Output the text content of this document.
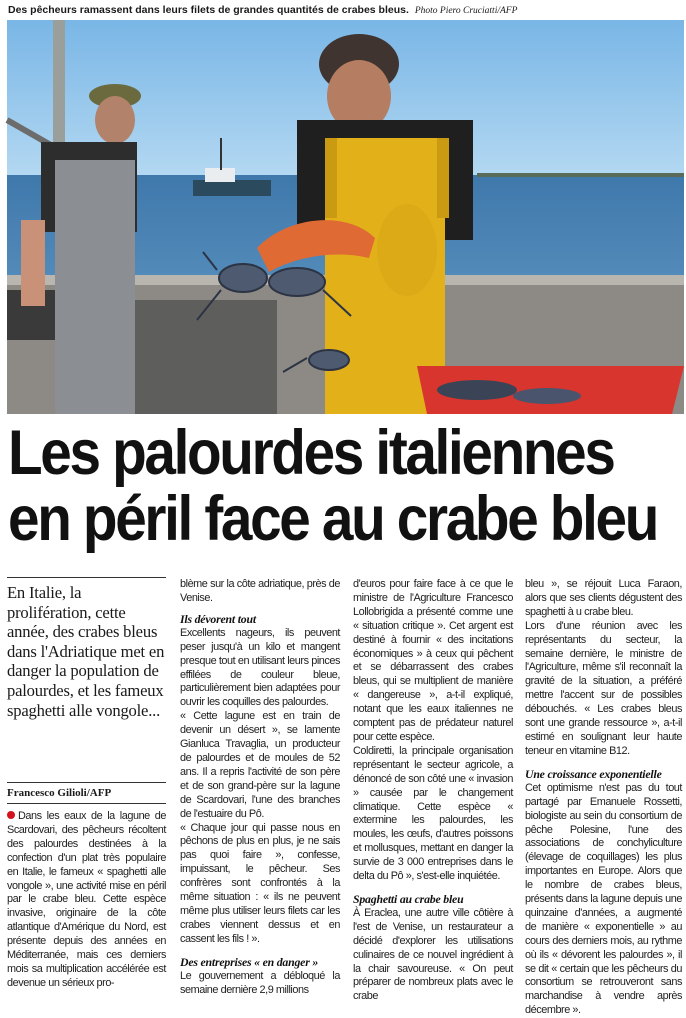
Des pêcheurs ramassent dans leurs filets de grandes quantités de crabes bleus. Photo Piero Cruciatti/AFP
Les palourdes italiennes
en péril face au crabe bleu
En Italie, la prolifération, cette année, des crabes bleus dans l'Adriatique met en danger la population de palourdes, et les fameux spaghetti alle vongole...
Francesco Gilioli/AFP

Dans les eaux de la lagune de Scardovari, des pêcheurs récoltent des palourdes destinées à la confection d'un plat très populaire en Italie, le fameux « spaghetti alle vongole », une activité mise en péril par le crabe bleu. Cette espèce invasive, originaire de la côte atlantique d'Amérique du Nord, est présente depuis des années en Méditerranée, mais ces derniers mois sa multiplication accélérée est devenue un sérieux pro-

blème sur la côte adriatique, près de Venise.

Ils dévorent tout

Excellents nageurs, ils peuvent peser jusqu'à un kilo et mangent presque tout en utilisant leurs pinces effilées de couleur bleue, particulièrement bien adaptées pour ouvrir les coquilles des palourdes.

« Cette lagune est en train de devenir un désert », se lamente Gianluca Travaglia, un producteur de palourdes et de moules de 52 ans. Il a repris l'activité de son père et de son grand-père sur la lagune de Scardovari, l'une des branches de l'estuaire du Pô.

« Chaque jour qui passe nous en pêchons de plus en plus, je ne sais pas quoi faire », confesse, impuissant, le pêcheur. Ses confrères sont confrontés à la même situation : « ils ne peuvent même plus utiliser leurs filets car les crabes viennent dessus et en cassent les fils ! ».

Des entreprises « en danger »

Le gouvernement a débloqué la semaine dernière 2,9 millions

d'euros pour faire face à ce que le ministre de l'Agriculture Francesco Lollobrigida a présenté comme une « situation critique ». Cet argent est destiné à fournir « des incitations économiques » à ceux qui pêchent et se débarrassent des crabes bleus, qui se multiplient de manière « dangereuse », a-t-il expliqué, notant que les eaux italiennes ne comptent pas de prédateur naturel pour cette espèce.

Coldiretti, la principale organisation représentant le secteur agricole, a dénoncé de son côté une « invasion » causée par le changement climatique. Cette espèce « extermine les palourdes, les moules, les œufs, d'autres poissons et mollusques, mettant en danger la survie de 3 000 entreprises dans le delta du Pô », s'est-elle inquiétée.

Spaghetti au crabe bleu

À Eraclea, une autre ville côtière à l'est de Venise, un restaurateur a décidé d'explorer les utilisations culinaires de ce nouvel ingrédient à la chair savoureuse. « On peut préparer de nombreux plats avec le crabe

bleu », se réjouit Luca Faraon, alors que ses clients dégustent des spaghetti à u crabe bleu.

Lors d'une réunion avec les représentants du secteur, la semaine dernière, le ministre de l'Agriculture, même s'il reconnaît la gravité de la situation, a préféré mettre l'accent sur de possibles débouchés. « Les crabes bleus sont une grande ressource », a-t-il estimé en soulignant leur haute teneur en vitamine B12.

Une croissance exponentielle

Cet optimisme n'est pas du tout partagé par Emanuele Rossetti, biologiste au sein du consortium de pêche Polesine, l'une des associations de conchyliculture (élevage de coquillages) les plus importantes en Europe. Alors que le nombre de crabes bleus, présents dans la lagune depuis une quinzaine d'années, a augmenté de manière « exponentielle » au cours des derniers mois, au rythme où ils « dévorent les palourdes », il se dit « certain que les pêcheurs du consortium se retrouveront sans marchandise à vendre après décembre ».
